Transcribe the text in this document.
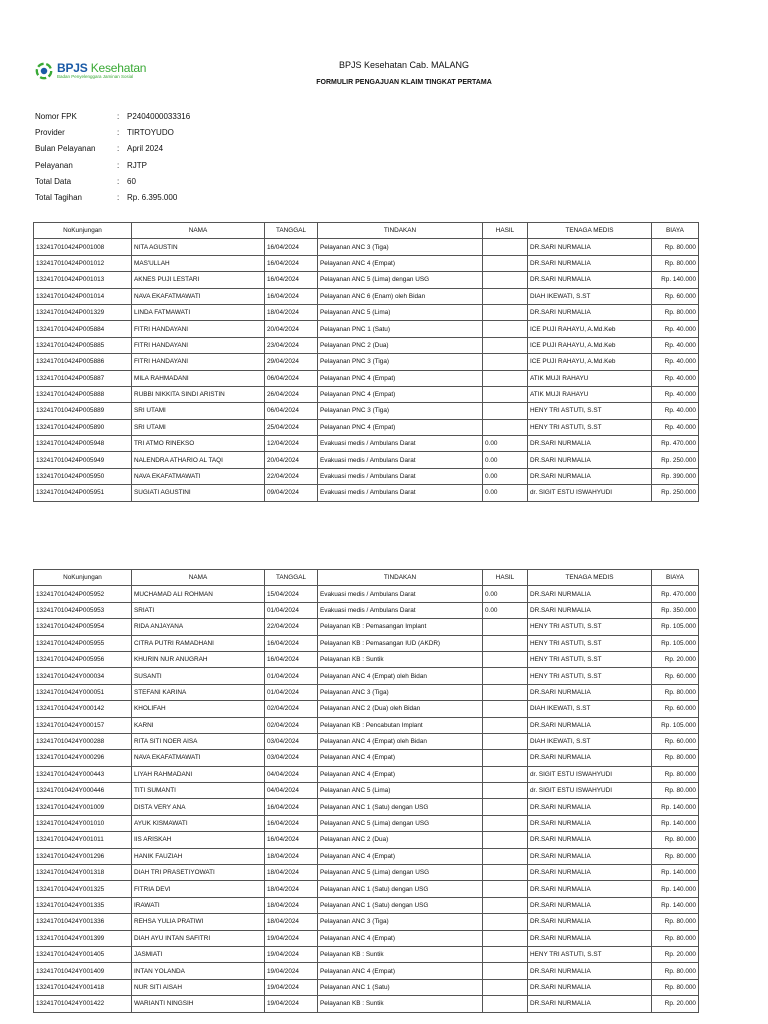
BPJS Kesehatan
Badan Penyelenggara Jaminan Sosial
BPJS Kesehatan Cab. MALANG
FORMULIR PENGAJUAN KLAIM TINGKAT PERTAMA
Nomor FPK	: P2404000033316
Provider	: TIRTOYUDO
Bulan Pelayanan	: April 2024
Pelayanan	: RJTP
Total Data	: 60
Total Tagihan	: Rp. 6.395.000
NoKunjungan	NAMA	TANGGAL	TINDAKAN	HASIL	TENAGA MEDIS	BIAYA
132417010424P001008	NITA AGUSTIN	16/04/2024	Pelayanan ANC 3 (Tiga)		DR.SARI NURMALIA	Rp. 80.000
132417010424P001012	MAS'ULLAH	16/04/2024	Pelayanan ANC 4 (Empat)		DR.SARI NURMALIA	Rp. 80.000
132417010424P001013	AKNES PUJI LESTARI	16/04/2024	Pelayanan ANC 5 (Lima) dengan USG		DR.SARI NURMALIA	Rp. 140.000
132417010424P001014	NAVA EKAFATMAWATI	16/04/2024	Pelayanan ANC 6 (Enam) oleh Bidan		DIAH IKEWATI, S.ST	Rp. 60.000
132417010424P001329	LINDA FATMAWATI	18/04/2024	Pelayanan ANC 5 (Lima)		DR.SARI NURMALIA	Rp. 80.000
132417010424P005884	FITRI HANDAYANI	20/04/2024	Pelayanan PNC 1 (Satu)		ICE PUJI RAHAYU, A.Md.Keb	Rp. 40.000
132417010424P005885	FITRI HANDAYANI	23/04/2024	Pelayanan PNC 2 (Dua)		ICE PUJI RAHAYU, A.Md.Keb	Rp. 40.000
132417010424P005886	FITRI HANDAYANI	29/04/2024	Pelayanan PNC 3 (Tiga)		ICE PUJI RAHAYU, A.Md.Keb	Rp. 40.000
132417010424P005887	MILA RAHMADANI	06/04/2024	Pelayanan PNC 4 (Empat)		ATIK MUJI RAHAYU	Rp. 40.000
132417010424P005888	RUBBI NIKKITA SINDI ARISTIN	26/04/2024	Pelayanan PNC 4 (Empat)		ATIK MUJI RAHAYU	Rp. 40.000
132417010424P005889	SRI UTAMI	06/04/2024	Pelayanan PNC 3 (Tiga)		HENY TRI ASTUTI, S.ST	Rp. 40.000
132417010424P005890	SRI UTAMI	25/04/2024	Pelayanan PNC 4 (Empat)		HENY TRI ASTUTI, S.ST	Rp. 40.000
132417010424P005948	TRI ATMO RINEKSO	12/04/2024	Evakuasi medis / Ambulans Darat	0.00	DR.SARI NURMALIA	Rp. 470.000
132417010424P005949	NALENDRA ATHARIO AL TAQI	20/04/2024	Evakuasi medis / Ambulans Darat	0.00	DR.SARI NURMALIA	Rp. 250.000
132417010424P005950	NAVA EKAFATMAWATI	22/04/2024	Evakuasi medis / Ambulans Darat	0.00	DR.SARI NURMALIA	Rp. 390.000
132417010424P005951	SUGIATI AGUSTINI	09/04/2024	Evakuasi medis / Ambulans Darat	0.00	dr. SIGIT ESTU ISWAHYUDI	Rp. 250.000
NoKunjungan	NAMA	TANGGAL	TINDAKAN	HASIL	TENAGA MEDIS	BIAYA
132417010424P005952	MUCHAMAD ALI ROHMAN	15/04/2024	Evakuasi medis / Ambulans Darat	0.00	DR.SARI NURMALIA	Rp. 470.000
132417010424P005953	SRIATI	01/04/2024	Evakuasi medis / Ambulans Darat	0.00	DR.SARI NURMALIA	Rp. 350.000
132417010424P005954	RIDA ANJAYANA	22/04/2024	Pelayanan KB : Pemasangan Implant		HENY TRI ASTUTI, S.ST	Rp. 105.000
132417010424P005955	CITRA PUTRI RAMADHANI	16/04/2024	Pelayanan KB : Pemasangan IUD (AKDR)		HENY TRI ASTUTI, S.ST	Rp. 105.000
132417010424P005956	KHURIN NUR ANUGRAH	16/04/2024	Pelayanan KB : Suntik		HENY TRI ASTUTI, S.ST	Rp. 20.000
132417010424Y000034	SUSANTI	01/04/2024	Pelayanan ANC 4 (Empat) oleh Bidan		HENY TRI ASTUTI, S.ST	Rp. 60.000
132417010424Y000051	STEFANI KARINA	01/04/2024	Pelayanan ANC 3 (Tiga)		DR.SARI NURMALIA	Rp. 80.000
132417010424Y000142	KHOLIFAH	02/04/2024	Pelayanan ANC 2 (Dua) oleh Bidan		DIAH IKEWATI, S.ST	Rp. 60.000
132417010424Y000157	KARNI	02/04/2024	Pelayanan KB : Pencabutan Implant		DR.SARI NURMALIA	Rp. 105.000
132417010424Y000288	RITA SITI NOER AISA	03/04/2024	Pelayanan ANC 4 (Empat) oleh Bidan		DIAH IKEWATI, S.ST	Rp. 60.000
132417010424Y000296	NAVA EKAFATMAWATI	03/04/2024	Pelayanan ANC 4 (Empat)		DR.SARI NURMALIA	Rp. 80.000
132417010424Y000443	LIYAH RAHMADANI	04/04/2024	Pelayanan ANC 4 (Empat)		dr. SIGIT ESTU ISWAHYUDI	Rp. 80.000
132417010424Y000446	TITI SUMANTI	04/04/2024	Pelayanan ANC 5 (Lima)		dr. SIGIT ESTU ISWAHYUDI	Rp. 80.000
132417010424Y001009	DISTA VERY ANA	16/04/2024	Pelayanan ANC 1 (Satu) dengan USG		DR.SARI NURMALIA	Rp. 140.000
132417010424Y001010	AYUK KISMAWATI	16/04/2024	Pelayanan ANC 5 (Lima) dengan USG		DR.SARI NURMALIA	Rp. 140.000
132417010424Y001011	IIS ARISKAH	16/04/2024	Pelayanan ANC 2 (Dua)		DR.SARI NURMALIA	Rp. 80.000
132417010424Y001296	HANIK FAUZIAH	18/04/2024	Pelayanan ANC 4 (Empat)		DR.SARI NURMALIA	Rp. 80.000
132417010424Y001318	DIAH TRI PRASETIYOWATI	18/04/2024	Pelayanan ANC 5 (Lima) dengan USG		DR.SARI NURMALIA	Rp. 140.000
132417010424Y001325	FITRIA DEVI	18/04/2024	Pelayanan ANC 1 (Satu) dengan USG		DR.SARI NURMALIA	Rp. 140.000
132417010424Y001335	IRAWATI	18/04/2024	Pelayanan ANC 1 (Satu) dengan USG		DR.SARI NURMALIA	Rp. 140.000
132417010424Y001336	REHSA YULIA PRATIWI	18/04/2024	Pelayanan ANC 3 (Tiga)		DR.SARI NURMALIA	Rp. 80.000
132417010424Y001399	DIAH AYU INTAN SAFITRI	19/04/2024	Pelayanan ANC 4 (Empat)		DR.SARI NURMALIA	Rp. 80.000
132417010424Y001405	JASMIATI	19/04/2024	Pelayanan KB : Suntik		HENY TRI ASTUTI, S.ST	Rp. 20.000
132417010424Y001409	INTAN YOLANDA	19/04/2024	Pelayanan ANC 4 (Empat)		DR.SARI NURMALIA	Rp. 80.000
132417010424Y001418	NUR SITI AISAH	19/04/2024	Pelayanan ANC 1 (Satu)		DR.SARI NURMALIA	Rp. 80.000
132417010424Y001422	WARIANTI NINGSIH	19/04/2024	Pelayanan KB : Suntik		DR.SARI NURMALIA	Rp. 20.000
